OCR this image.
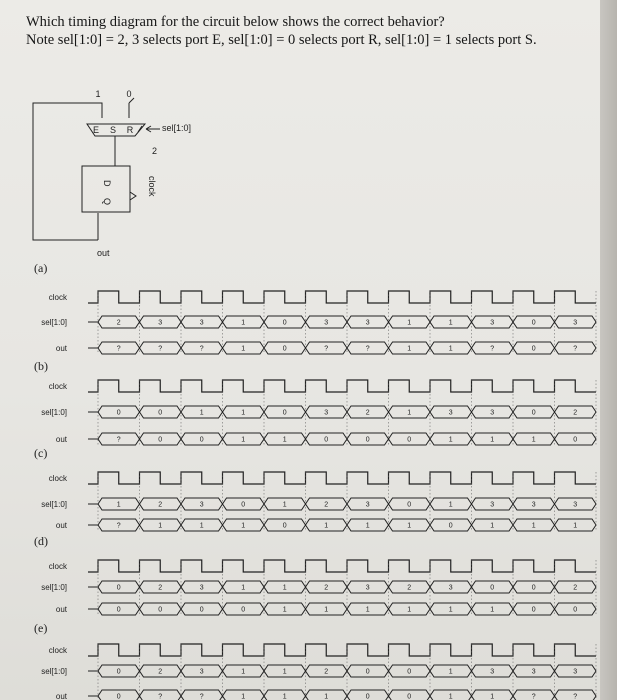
Which timing diagram for the circuit below shows the correct behavior?
Note sel[1:0] = 2, 3 selects port E, sel[1:0] = 0 selects port R, sel[1:0] = 1 selects port S.
1	0
E S R	sel[1:0]
2
D
Q
clock
out
(a)
clock
sel[1:0]	2	3	3	1	0	3	3	1	1	3	0	3
out	?	?	?	1	0	?	?	1	1	?	0	?
(b)
clock
sel[1:0]	0	0	1	1	0	3	2	1	3	3	0	2
out	?	0	0	1	1	0	0	0	1	1	1	0
(c)
clock
sel[1:0]	1	2	3	0	1	2	3	0	1	3	3	3
out	?	1	1	1	0	1	1	1	0	1	1	1
(d)
clock
sel[1:0]	0	2	3	1	1	2	3	2	3	0	0	2
out	0	0	0	0	1	1	1	1	1	1	0	0
(e)
clock
sel[1:0]	0	2	3	1	1	2	0	0	1	3	3	3
out	0	?	?	1	1	1	0	0	1	1	?	?
